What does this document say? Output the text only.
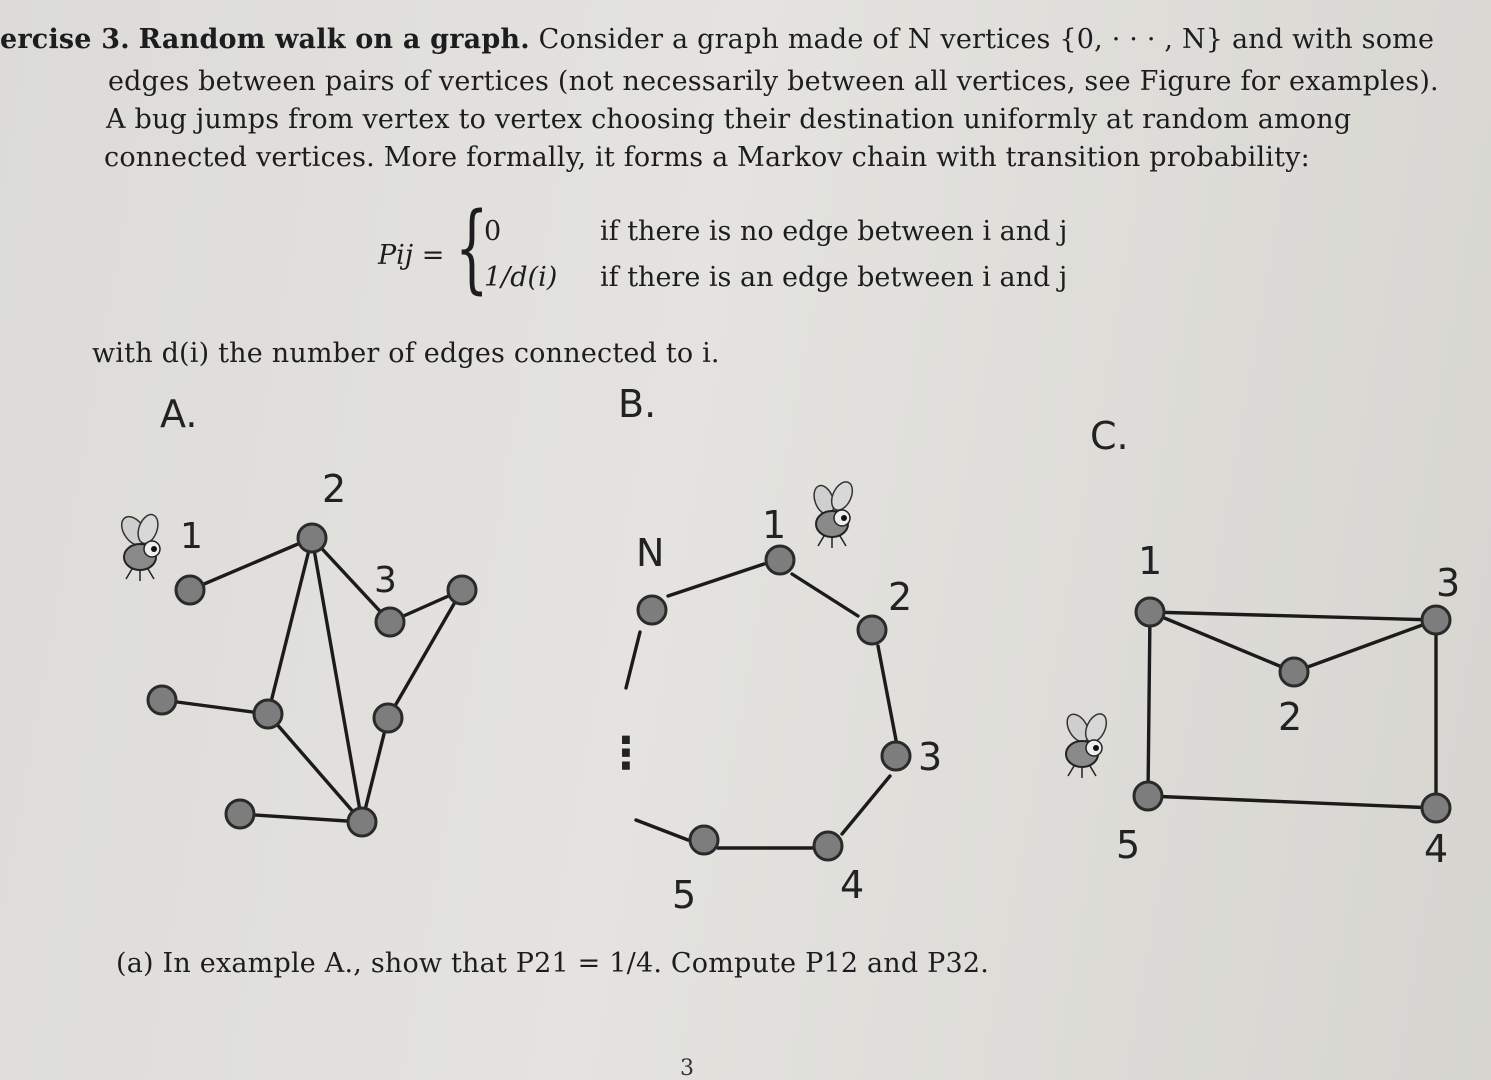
ercise 3. Random walk on a graph. Consider a graph made of N vertices {0, · · · , N} and with some
edges between pairs of vertices (not necessarily between all vertices, see Figure for examples).
A bug jumps from vertex to vertex choosing their destination uniformly at random among
connected vertices. More formally, it forms a Markov chain with transition probability:
Pij = {
0	if there is no edge between i and j
1/d(i) if there is an edge between i and j
with d(i) the number of edges connected to i.
A.	B.
C.
1
2
3
N
1
2
3
4
5
⋮
1
2
3
4
5
(a) In example A., show that P21 = 1/4. Compute P12 and P32.
3
